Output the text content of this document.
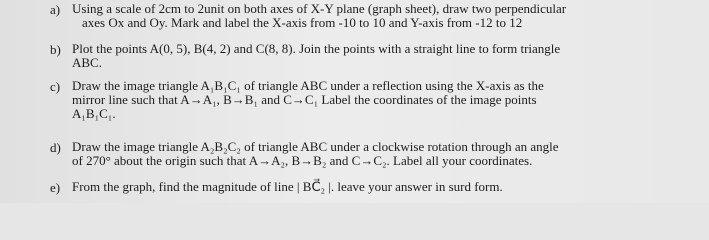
a) Using a scale of 2cm to 2unit on both axes of X-Y plane (graph sheet), draw two perpendicular
axes Ox and Oy. Mark and label the X-axis from -10 to 10 and Y-axis from -12 to 12
b) Plot the points A(0, 5), B(4, 2) and C(8, 8). Join the points with a straight line to form triangle
ABC.
c) Draw the image triangle A₁B₁C₁ of triangle ABC under a reflection using the X-axis as the
mirror line such that A→A₁, B→B₁ and C→C₁ Label the coordinates of the image points
A₁B₁C₁.
d) Draw the image triangle A₂B₂C₂ of triangle ABC under a clockwise rotation through an angle
of 270° about the origin such that A→A₂, B→B₂ and C→C₂. Label all your coordinates.
e) From the graph, find the magnitude of line | BC⃗₂ |. leave your answer in surd form.
